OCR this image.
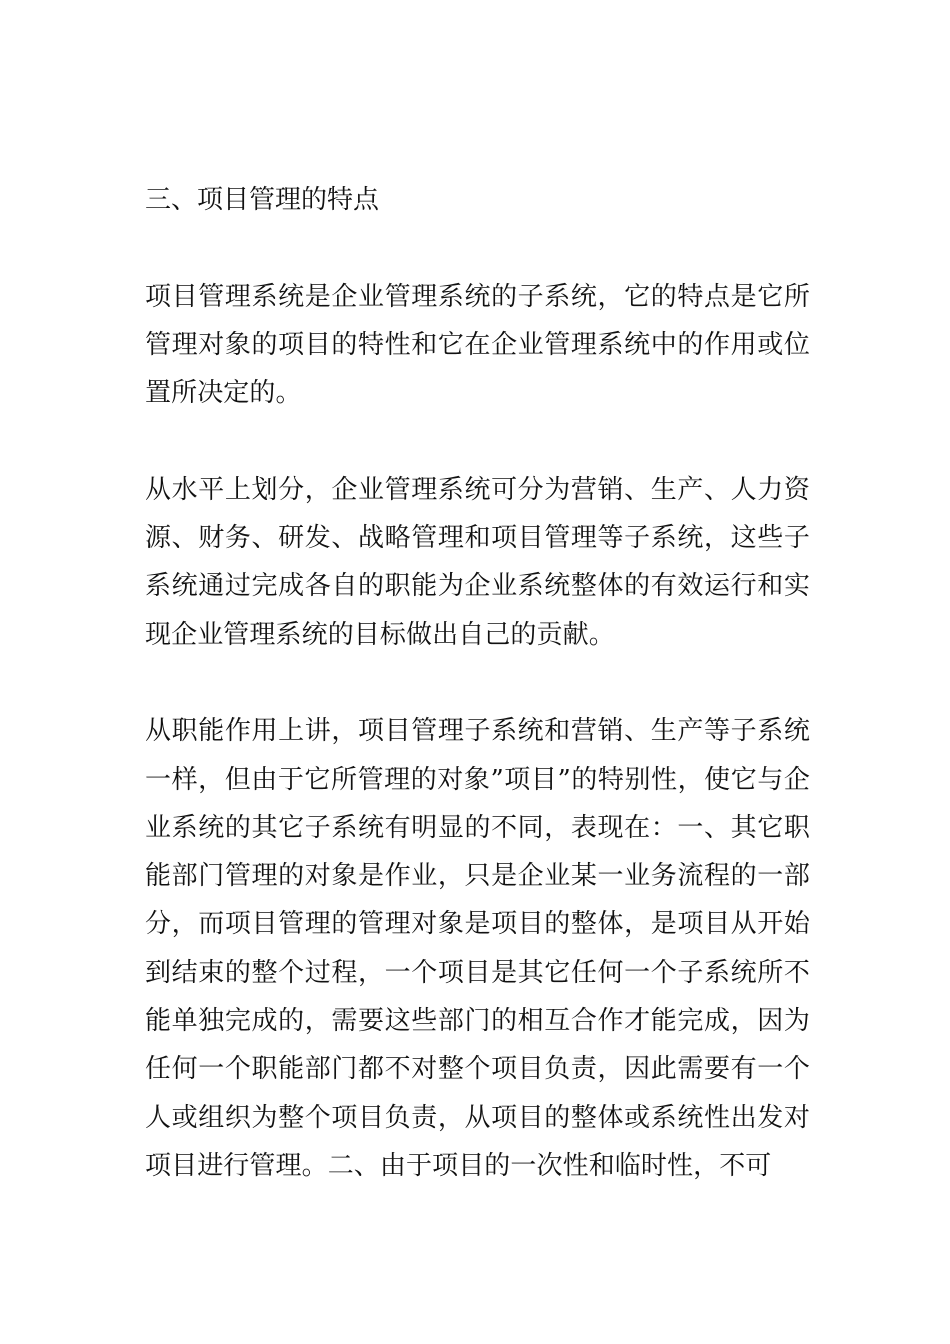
三、项目管理的特点

项目管理系统是企业管理系统的子系统，它的特点是它所管理对象的项目的特性和它在企业管理系统中的作用或位置所决定的。

从水平上划分，企业管理系统可分为营销、生产、人力资源、财务、研发、战略管理和项目管理等子系统，这些子系统通过完成各自的职能为企业系统整体的有效运行和实现企业管理系统的目标做出自己的贡献。

从职能作用上讲，项目管理子系统和营销、生产等子系统一样，但由于它所管理的对象”项目”的特别性，使它与企业系统的其它子系统有明显的不同，表现在：一、其它职能部门管理的对象是作业，只是企业某一业务流程的一部分，而项目管理的管理对象是项目的整体，是项目从开始到结束的整个过程，一个项目是其它任何一个子系统所不能单独完成的，需要这些部门的相互合作才能完成，因为任何一个职能部门都不对整个项目负责，因此需要有一个人或组织为整个项目负责，从项目的整体或系统性出发对项目进行管理。二、由于项目的一次性和临时性，不可
